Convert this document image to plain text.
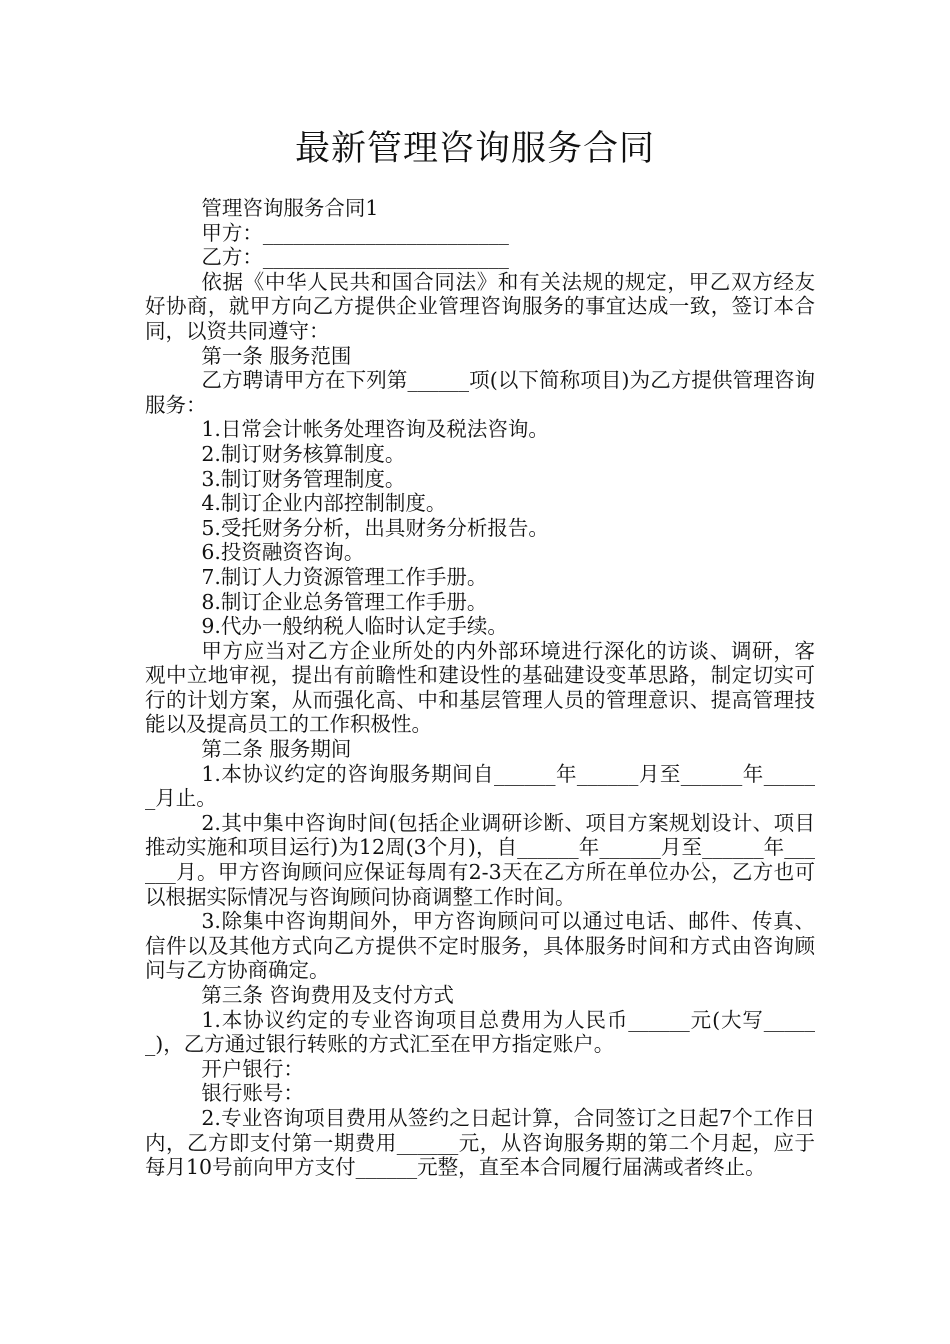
最新管理咨询服务合同

管理咨询服务合同1

甲方：________________________

乙方：________________________

依据《中华人民共和国合同法》和有关法规的规定，甲乙双方经友好协商，就甲方向乙方提供企业管理咨询服务的事宜达成一致，签订本合同，以资共同遵守：

第一条 服务范围

乙方聘请甲方在下列第______项(以下简称项目)为乙方提供管理咨询服务：

1.日常会计帐务处理咨询及税法咨询。

2.制订财务核算制度。

3.制订财务管理制度。

4.制订企业内部控制制度。

5.受托财务分析，出具财务分析报告。

6.投资融资咨询。

7.制订人力资源管理工作手册。

8.制订企业总务管理工作手册。

9.代办一般纳税人临时认定手续。

甲方应当对乙方企业所处的内外部环境进行深化的访谈、调研，客观中立地审视，提出有前瞻性和建设性的基础建设变革思路，制定切实可行的计划方案，从而强化高、中和基层管理人员的管理意识、提高管理技能以及提高员工的工作积极性。

第二条 服务期间

1.本协议约定的咨询服务期间自______年______月至______年______月止。

2.其中集中咨询时间(包括企业调研诊断、项目方案规划设计、项目推动实施和项目运行)为12周(3个月)，自______年______月至______年______月。甲方咨询顾问应保证每周有2-3天在乙方所在单位办公，乙方也可以根据实际情况与咨询顾问协商调整工作时间。

3.除集中咨询期间外，甲方咨询顾问可以通过电话、邮件、传真、信件以及其他方式向乙方提供不定时服务，具体服务时间和方式由咨询顾问与乙方协商确定。

第三条 咨询费用及支付方式

1.本协议约定的专业咨询项目总费用为人民币______元(大写______)，乙方通过银行转账的方式汇至在甲方指定账户。

开户银行：

银行账号：

2.专业咨询项目费用从签约之日起计算，合同签订之日起7个工作日内，乙方即支付第一期费用______元，从咨询服务期的第二个月起，应于每月10号前向甲方支付______元整，直至本合同履行届满或者终止。
